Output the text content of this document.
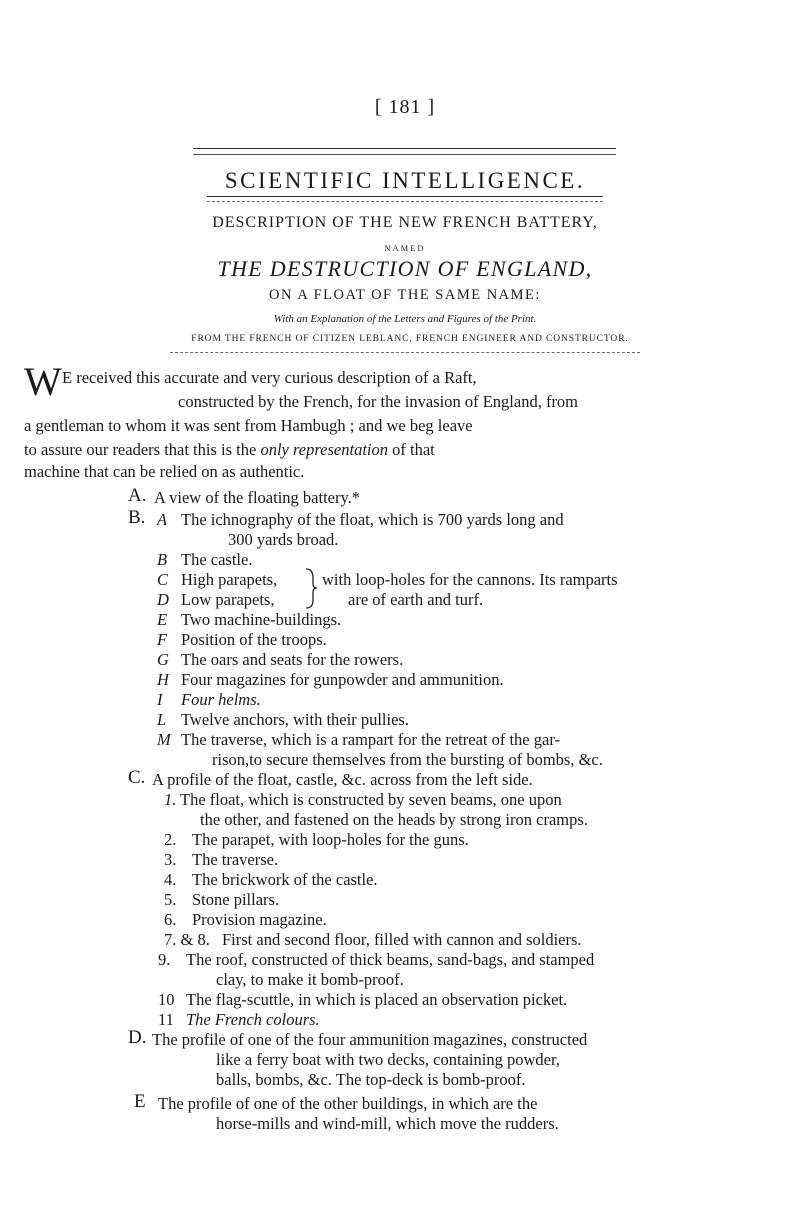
[ 181 ]
SCIENTIFIC INTELLIGENCE.
DESCRIPTION OF THE NEW FRENCH BATTERY,
NAMED
THE DESTRUCTION OF ENGLAND,
ON A FLOAT OF THE SAME NAME:
With an Explanation of the Letters and Figures of the Print.
FROM THE FRENCH OF CITIZEN LEBLANC, FRENCH ENGINEER AND CONSTRUCTOR.
W E received this accurate and very curious description of a Raft,
constructed by the French, for the invasion of England, from
a gentleman to whom it was sent from Hambugh ; and we beg leave
to assure our readers that this is the only representation of that
machine that can be relied on as authentic.
A. A view of the floating battery.*
B. A The ichnography of the float, which is 700 yards long and
300 yards broad.
B The castle.
C High parapets,	with loop-holes for the cannons. Its ramparts
D Low parapets,	are of earth and turf.
E Two machine-buildings.
F Position of the troops.
G The oars and seats for the rowers.
H Four magazines for gunpowder and ammunition.
I Four helms.
L Twelve anchors, with their pullies.
M The traverse, which is a rampart for the retreat of the gar-
rison,to secure themselves from the bursting of bombs, &c.
C. A profile of the float, castle, &c. across from the left side.
1. The float, which is constructed by seven beams, one upon
the other, and fastened on the heads by strong iron cramps.
2. The parapet, with loop-holes for the guns.
3. The traverse.
4. The brickwork of the castle.
5. Stone pillars.
6. Provision magazine.
7. & 8. First and second floor, filled with cannon and soldiers.
9. The roof, constructed of thick beams, sand-bags, and stamped
clay, to make it bomb-proof.
10 The flag-scuttle, in which is placed an observation picket.
11 The French colours.
D. The profile of one of the four ammunition magazines, constructed
like a ferry boat with two decks, containing powder,
balls, bombs, &c. The top-deck is bomb-proof.
E The profile of one of the other buildings, in which are the
horse-mills and wind-mill, which move the rudders.
